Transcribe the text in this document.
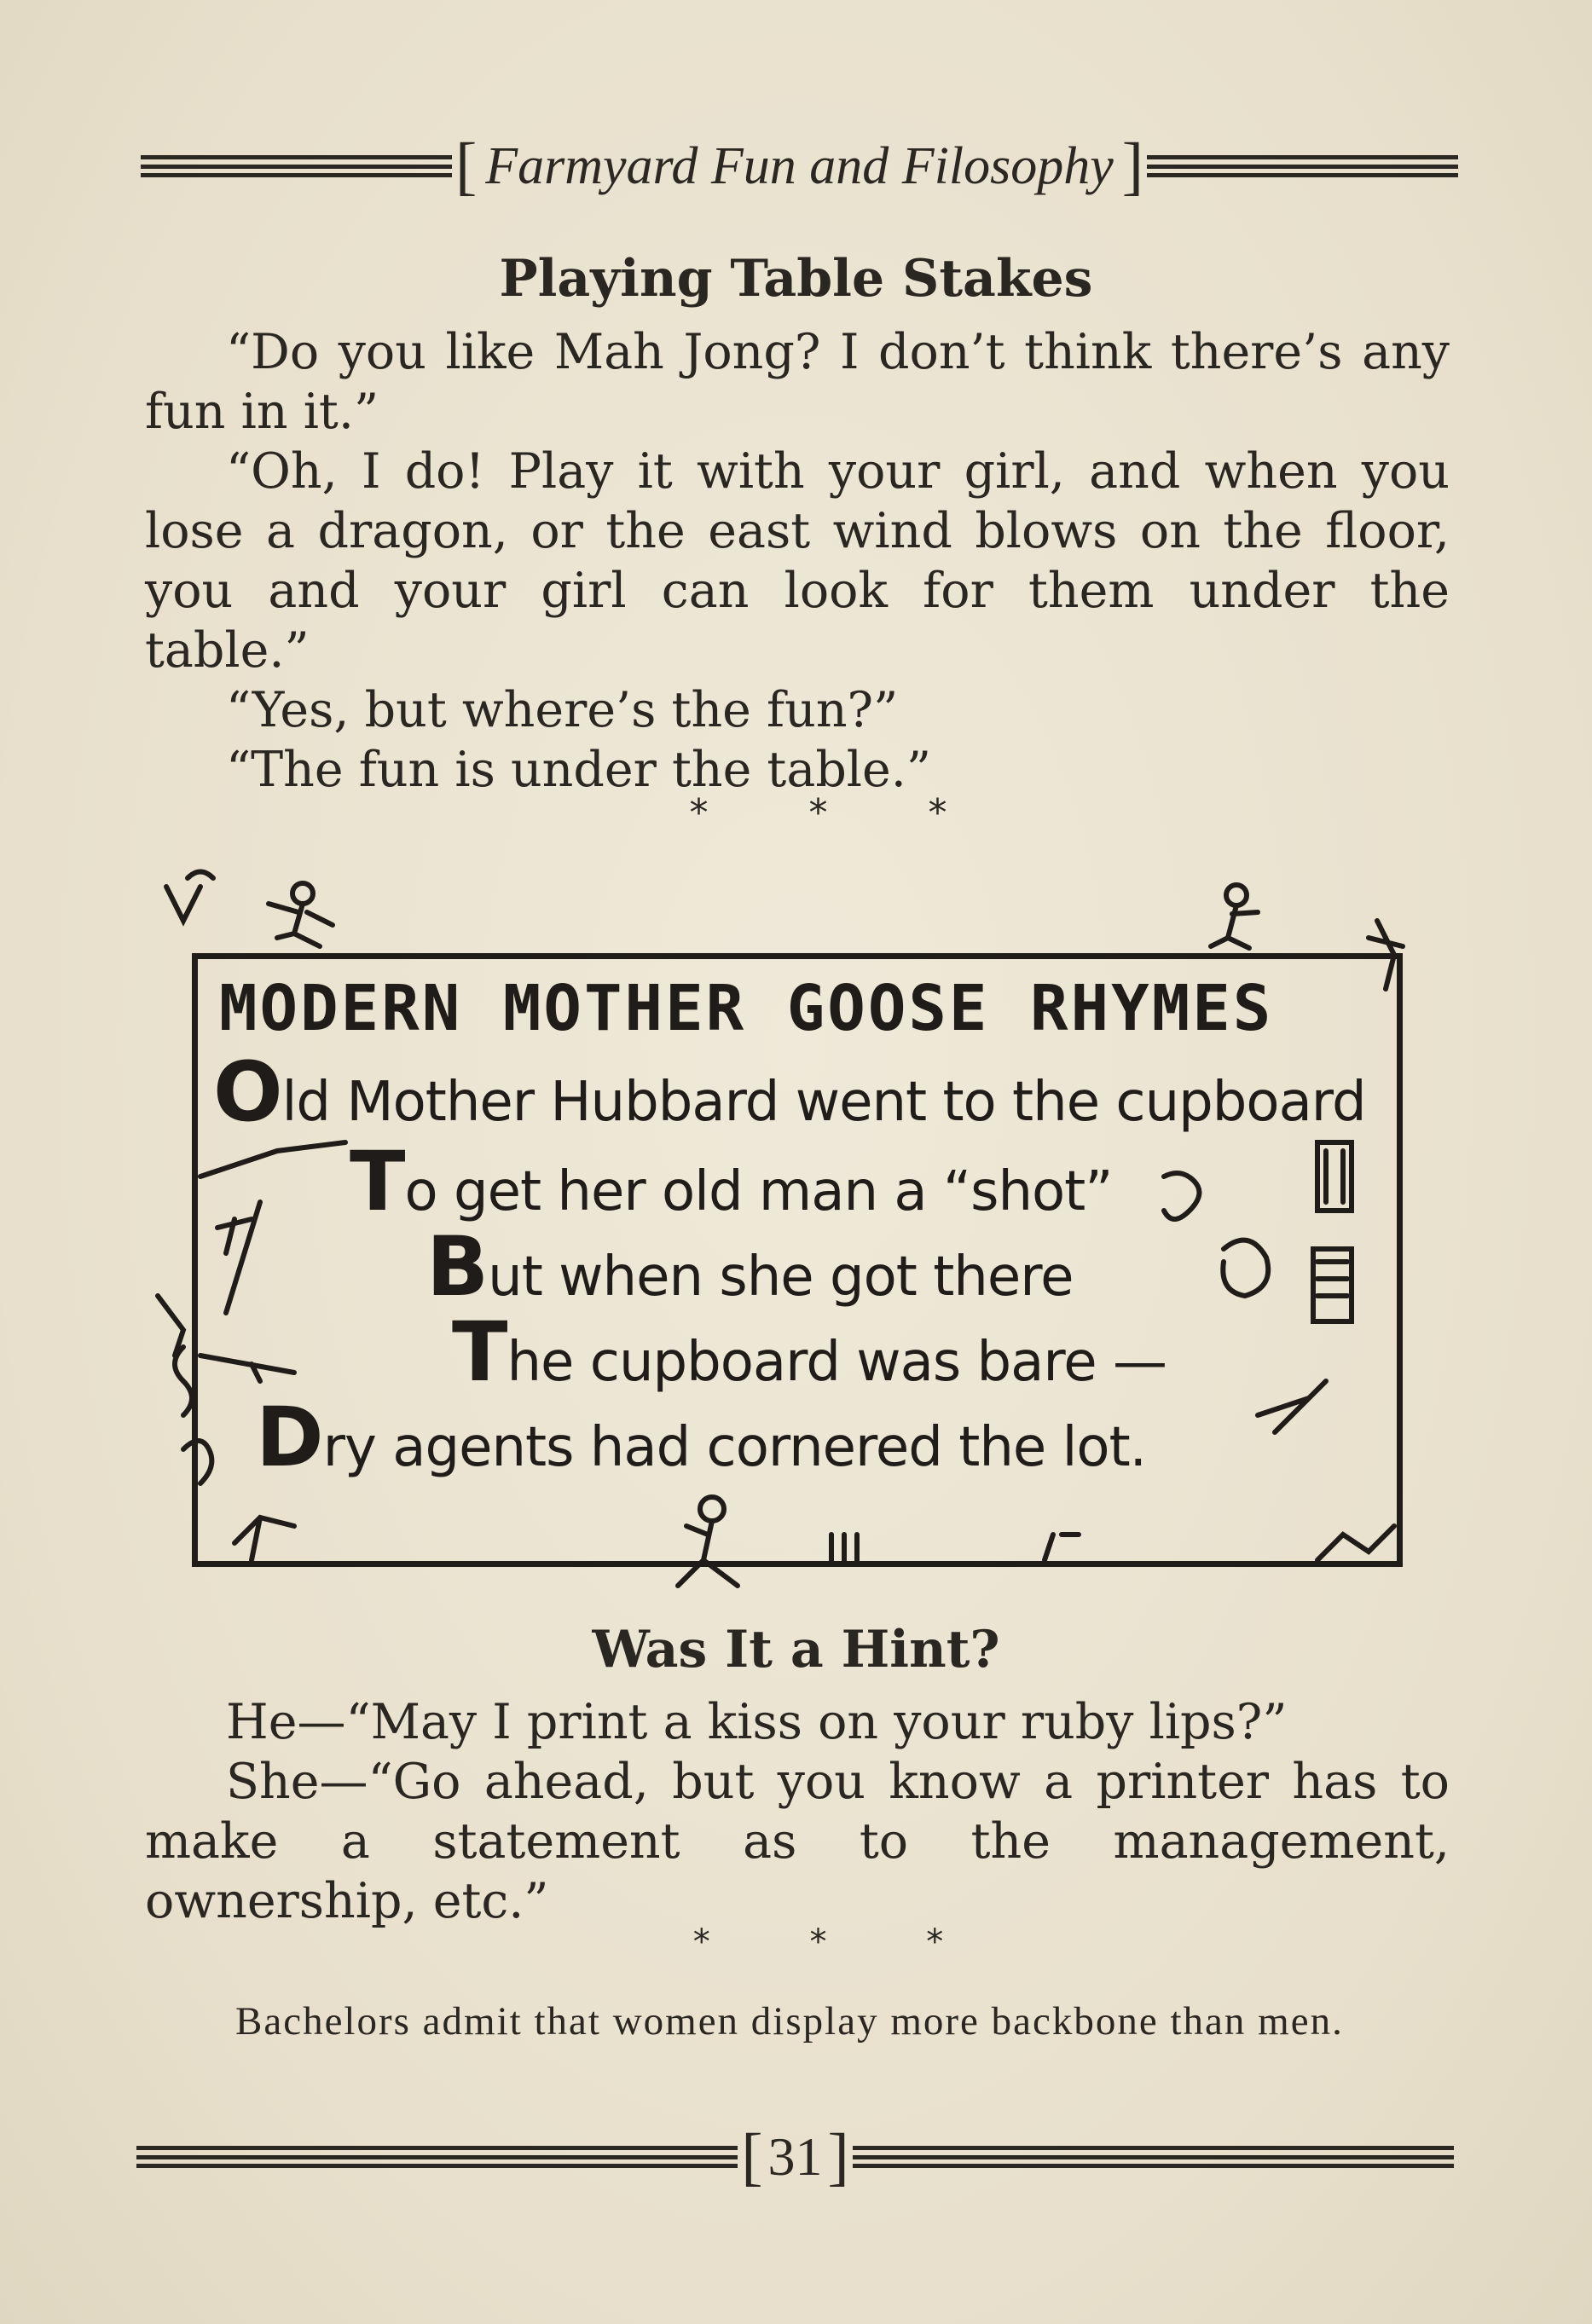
[ Farmyard Fun and Filosophy ]
Playing Table Stakes

“Do you like Mah Jong? I don’t think there’s any fun in it.”

“Oh, I do! Play it with your girl, and when you lose a dragon, or the east wind blows on the floor, you and your girl can look for them under the table.”

“Yes, but where’s the fun?”

“The fun is under the table.”

* * *
MODERN MOTHER GOOSE RHYMES
Old Mother Hubbard went to the cupboard
To get her old man a “shot”
But when she got there
The cupboard was bare —
Dry agents had cornered the lot.
Was It a Hint?

He—“May I print a kiss on your ruby lips?”

She—“Go ahead, but you know a printer has to make a statement as to the management, ownership, etc.”

* * *

Bachelors admit that women display more backbone than men.

[ 31 ]
